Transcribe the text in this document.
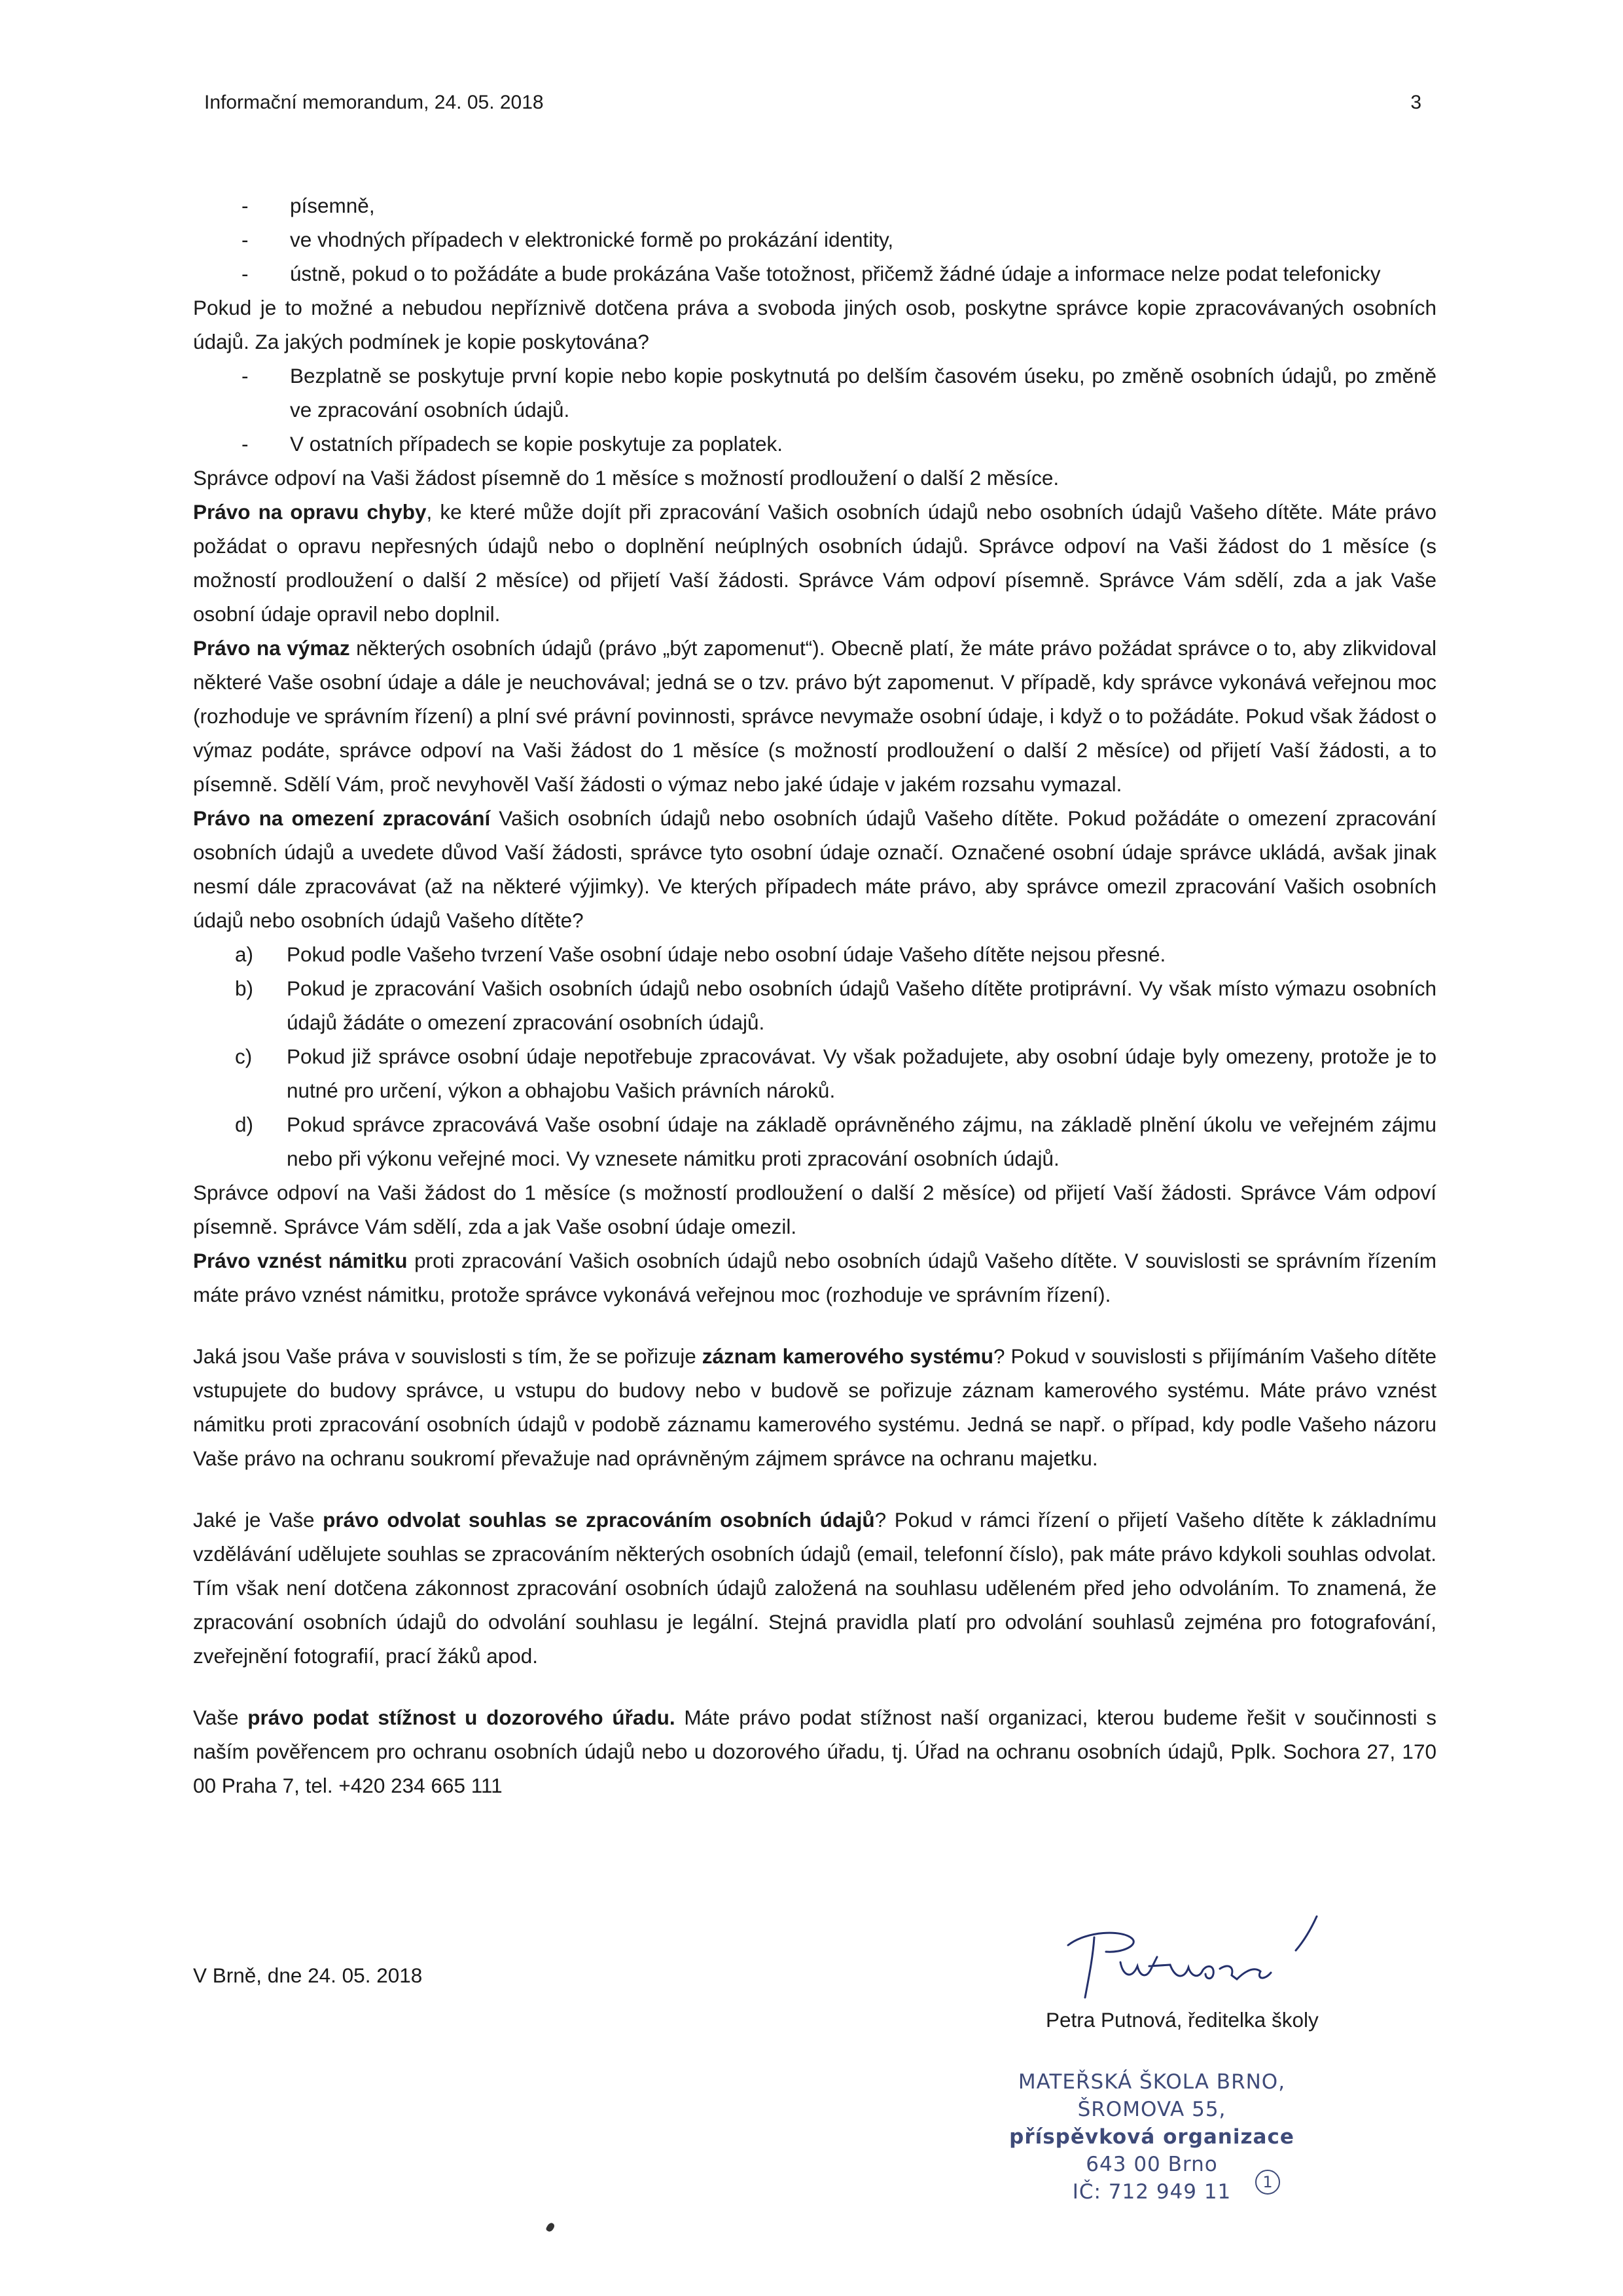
Informační memorandum, 24. 05. 2018	3
- písemně,
- ve vhodných případech v elektronické formě po prokázání identity,
- ústně, pokud o to požádáte a bude prokázána Vaše totožnost, přičemž žádné údaje a informace nelze podat telefonicky

Pokud je to možné a nebudou nepříznivě dotčena práva a svoboda jiných osob, poskytne správce kopie zpracovávaných osobních údajů. Za jakých podmínek je kopie poskytována?

- Bezplatně se poskytuje první kopie nebo kopie poskytnutá po delším časovém úseku, po změně osobních údajů, po změně ve zpracování osobních údajů.
- V ostatních případech se kopie poskytuje za poplatek.

Správce odpoví na Vaši žádost písemně do 1 měsíce s možností prodloužení o další 2 měsíce.

Právo na opravu chyby, ke které může dojít při zpracování Vašich osobních údajů nebo osobních údajů Vašeho dítěte. Máte právo požádat o opravu nepřesných údajů nebo o doplnění neúplných osobních údajů. Správce odpoví na Vaši žádost do 1 měsíce (s možností prodloužení o další 2 měsíce) od přijetí Vaší žádosti. Správce Vám odpoví písemně. Správce Vám sdělí, zda a jak Vaše osobní údaje opravil nebo doplnil.

Právo na výmaz některých osobních údajů (právo „být zapomenut“). Obecně platí, že máte právo požádat správce o to, aby zlikvidoval některé Vaše osobní údaje a dále je neuchovával; jedná se o tzv. právo být zapomenut. V případě, kdy správce vykonává veřejnou moc (rozhoduje ve správním řízení) a plní své právní povinnosti, správce nevymaže osobní údaje, i když o to požádáte. Pokud však žádost o výmaz podáte, správce odpoví na Vaši žádost do 1 měsíce (s možností prodloužení o další 2 měsíce) od přijetí Vaší žádosti, a to písemně. Sdělí Vám, proč nevyhověl Vaší žádosti o výmaz nebo jaké údaje v jakém rozsahu vymazal.

Právo na omezení zpracování Vašich osobních údajů nebo osobních údajů Vašeho dítěte. Pokud požádáte o omezení zpracování osobních údajů a uvedete důvod Vaší žádosti, správce tyto osobní údaje označí. Označené osobní údaje správce ukládá, avšak jinak nesmí dále zpracovávat (až na některé výjimky). Ve kterých případech máte právo, aby správce omezil zpracování Vašich osobních údajů nebo osobních údajů Vašeho dítěte?

a) Pokud podle Vašeho tvrzení Vaše osobní údaje nebo osobní údaje Vašeho dítěte nejsou přesné.
b) Pokud je zpracování Vašich osobních údajů nebo osobních údajů Vašeho dítěte protiprávní. Vy však místo výmazu osobních údajů žádáte o omezení zpracování osobních údajů.
c) Pokud již správce osobní údaje nepotřebuje zpracovávat. Vy však požadujete, aby osobní údaje byly omezeny, protože je to nutné pro určení, výkon a obhajobu Vašich právních nároků.
d) Pokud správce zpracovává Vaše osobní údaje na základě oprávněného zájmu, na základě plnění úkolu ve veřejném zájmu nebo při výkonu veřejné moci. Vy vznesete námitku proti zpracování osobních údajů.

Správce odpoví na Vaši žádost do 1 měsíce (s možností prodloužení o další 2 měsíce) od přijetí Vaší žádosti. Správce Vám odpoví písemně. Správce Vám sdělí, zda a jak Vaše osobní údaje omezil.

Právo vznést námitku proti zpracování Vašich osobních údajů nebo osobních údajů Vašeho dítěte. V souvislosti se správním řízením máte právo vznést námitku, protože správce vykonává veřejnou moc (rozhoduje ve správním řízení).

Jaká jsou Vaše práva v souvislosti s tím, že se pořizuje záznam kamerového systému? Pokud v souvislosti s přijímáním Vašeho dítěte vstupujete do budovy správce, u vstupu do budovy nebo v budově se pořizuje záznam kamerového systému. Máte právo vznést námitku proti zpracování osobních údajů v podobě záznamu kamerového systému. Jedná se např. o případ, kdy podle Vašeho názoru Vaše právo na ochranu soukromí převažuje nad oprávněným zájmem správce na ochranu majetku.

Jaké je Vaše právo odvolat souhlas se zpracováním osobních údajů? Pokud v rámci řízení o přijetí Vašeho dítěte k základnímu vzdělávání udělujete souhlas se zpracováním některých osobních údajů (email, telefonní číslo), pak máte právo kdykoli souhlas odvolat. Tím však není dotčena zákonnost zpracování osobních údajů založená na souhlasu uděleném před jeho odvoláním. To znamená, že zpracování osobních údajů do odvolání souhlasu je legální. Stejná pravidla platí pro odvolání souhlasů zejména pro fotografování, zveřejnění fotografií, prací žáků apod.

Vaše právo podat stížnost u dozorového úřadu. Máte právo podat stížnost naší organizaci, kterou budeme řešit v součinnosti s naším pověřencem pro ochranu osobních údajů nebo u dozorového úřadu, tj. Úřad na ochranu osobních údajů, Pplk. Sochora 27, 170 00 Praha 7, tel. +420 234 665 111

V Brně, dne 24. 05. 2018
Petra Putnová, ředitelka školy
MATEŘSKÁ ŠKOLA BRNO,
ŠROMOVA 55,
příspěvková organizace
643 00 Brno
IČ: 712 949 11	1
